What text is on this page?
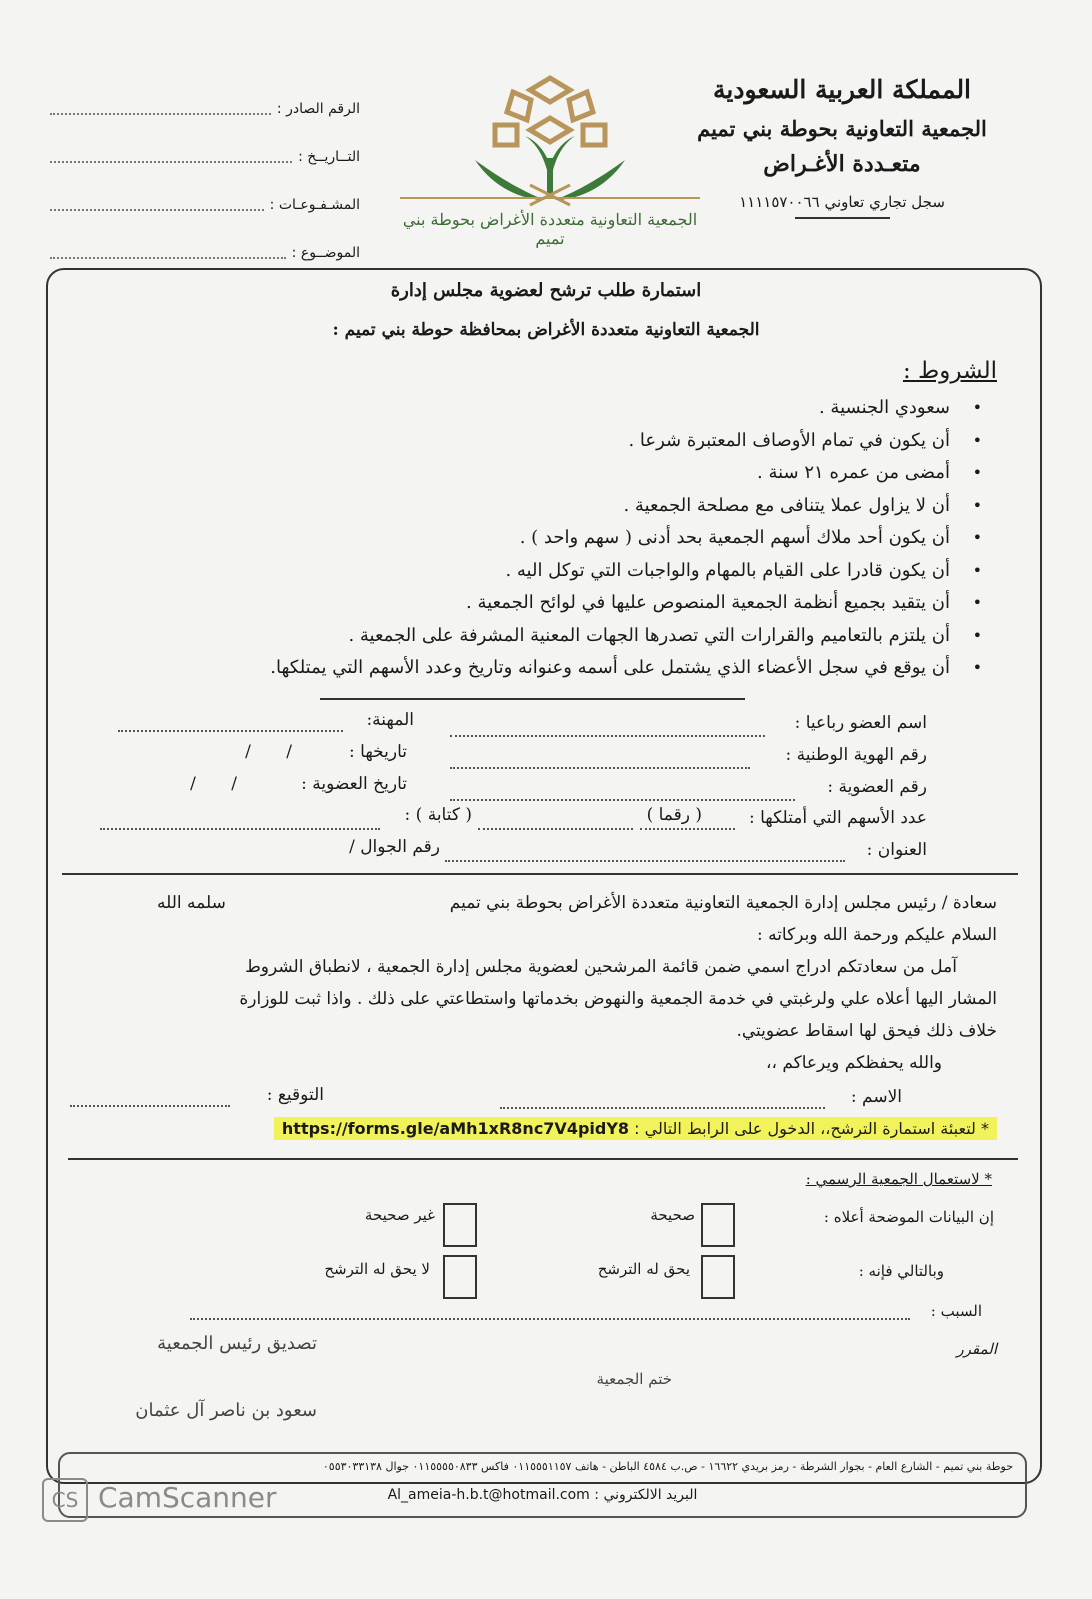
المملكة العربية السعودية
الجمعية التعاونية بحوطة بني تميم
متعـددة الأغـراض
سجل تجاري تعاوني ١١١١٥٧٠٠٦٦
الجمعية التعاونية متعددة الأغراض بحوطة بني تميم
الرقم الصادر :
التــاريــخ :
المشـفـوعـات :
الموضــوع :
استمارة طلب ترشح لعضوية مجلس إدارة
الجمعية التعاونية متعددة الأغراض بمحافظة حوطة بني تميم :
الشروط :
• سعودي الجنسية .
• أن يكون في تمام الأوصاف المعتبرة شرعا .
• أمضى من عمره ٢١ سنة .
• أن لا يزاول عملا يتنافى مع مصلحة الجمعية .
• أن يكون أحد ملاك أسهم الجمعية بحد أدنى ( سهم واحد ) .
• أن يكون قادرا على القيام بالمهام والواجبات التي توكل اليه .
• أن يتقيد بجميع أنظمة الجمعية المنصوص عليها في لوائح الجمعية .
• أن يلتزم بالتعاميم والقرارات التي تصدرها الجهات المعنية المشرفة على الجمعية .
• أن يوقع في سجل الأعضاء الذي يشتمل على أسمه وعنوانه وتاريخ وعدد الأسهم التي يمتلكها.
اسم العضو رباعيا :
المهنة:
رقم الهوية الوطنية :
تاريخها :
/ /
رقم العضوية :
تاريخ العضوية :
/ /
عدد الأسهم التي أمتلكها :
( رقما )
( كتابة ) :
العنوان :
رقم الجوال /
سعادة / رئيس مجلس إدارة الجمعية التعاونية متعددة الأغراض بحوطة بني تميم
سلمه الله
السلام عليكم ورحمة الله وبركاته :
آمل من سعادتكم ادراج اسمي ضمن قائمة المرشحين لعضوية مجلس إدارة الجمعية ، لانطباق الشروط
المشار اليها أعلاه علي ولرغبتي في خدمة الجمعية والنهوض بخدماتها واستطاعتي على ذلك . واذا ثبت للوزارة
خلاف ذلك فيحق لها اسقاط عضويتي.
والله يحفظكم ويرعاكم ،،
الاسم :
التوقيع :
* لتعبئة استمارة الترشح،، الدخول على الرابط التالي : https://forms.gle/aMh1xR8nc7V4pidY8
* لاستعمال الجمعية الرسمي :
إن البيانات الموضحة أعلاه :
صحيحة
غير صحيحة
وبالتالي فإنه :
يحق له الترشح
لا يحق له الترشح
السبب :
المقرر
تصديق رئيس الجمعية
ختم الجمعية
سعود بن ناصر آل عثمان
حوطة بني تميم - الشارع العام - بجوار الشرطة - رمز بريدي ١٦٦٢٢ - ص.ب ٤٥٨٤ الباطن - هاتف ٠١١٥٥٥١١٥٧ فاكس ٠١١٥٥٥٥٠٨٣٣ جوال ٠٥٥٣٠٣٣١٣٨
البريد الالكتروني : Al_ameia-h.b.t@hotmail.com
CS CamScanner
